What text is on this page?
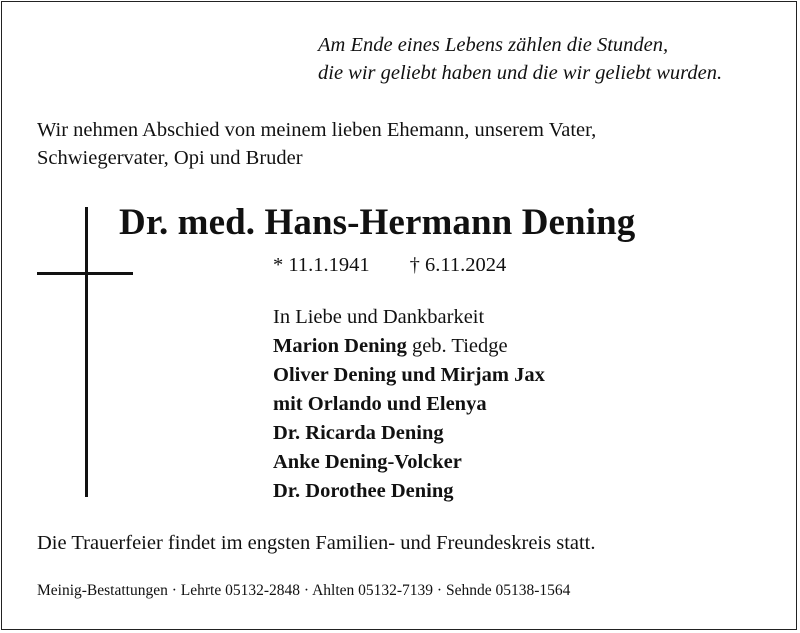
Am Ende eines Lebens zählen die Stunden,
die wir geliebt haben und die wir geliebt wurden.
Wir nehmen Abschied von meinem lieben Ehemann, unserem Vater,
Schwiegervater, Opi und Bruder
Dr. med. Hans-Hermann Dening
* 11.1.1941 † 6.11.2024
In Liebe und Dankbarkeit
Marion Dening geb. Tiedge
Oliver Dening und Mirjam Jax
mit Orlando und Elenya
Dr. Ricarda Dening
Anke Dening-Volcker
Dr. Dorothee Dening
Die Trauerfeier findet im engsten Familien- und Freundeskreis statt.
Meinig-Bestattungen · Lehrte 05132-2848 · Ahlten 05132-7139 · Sehnde 05138-1564
